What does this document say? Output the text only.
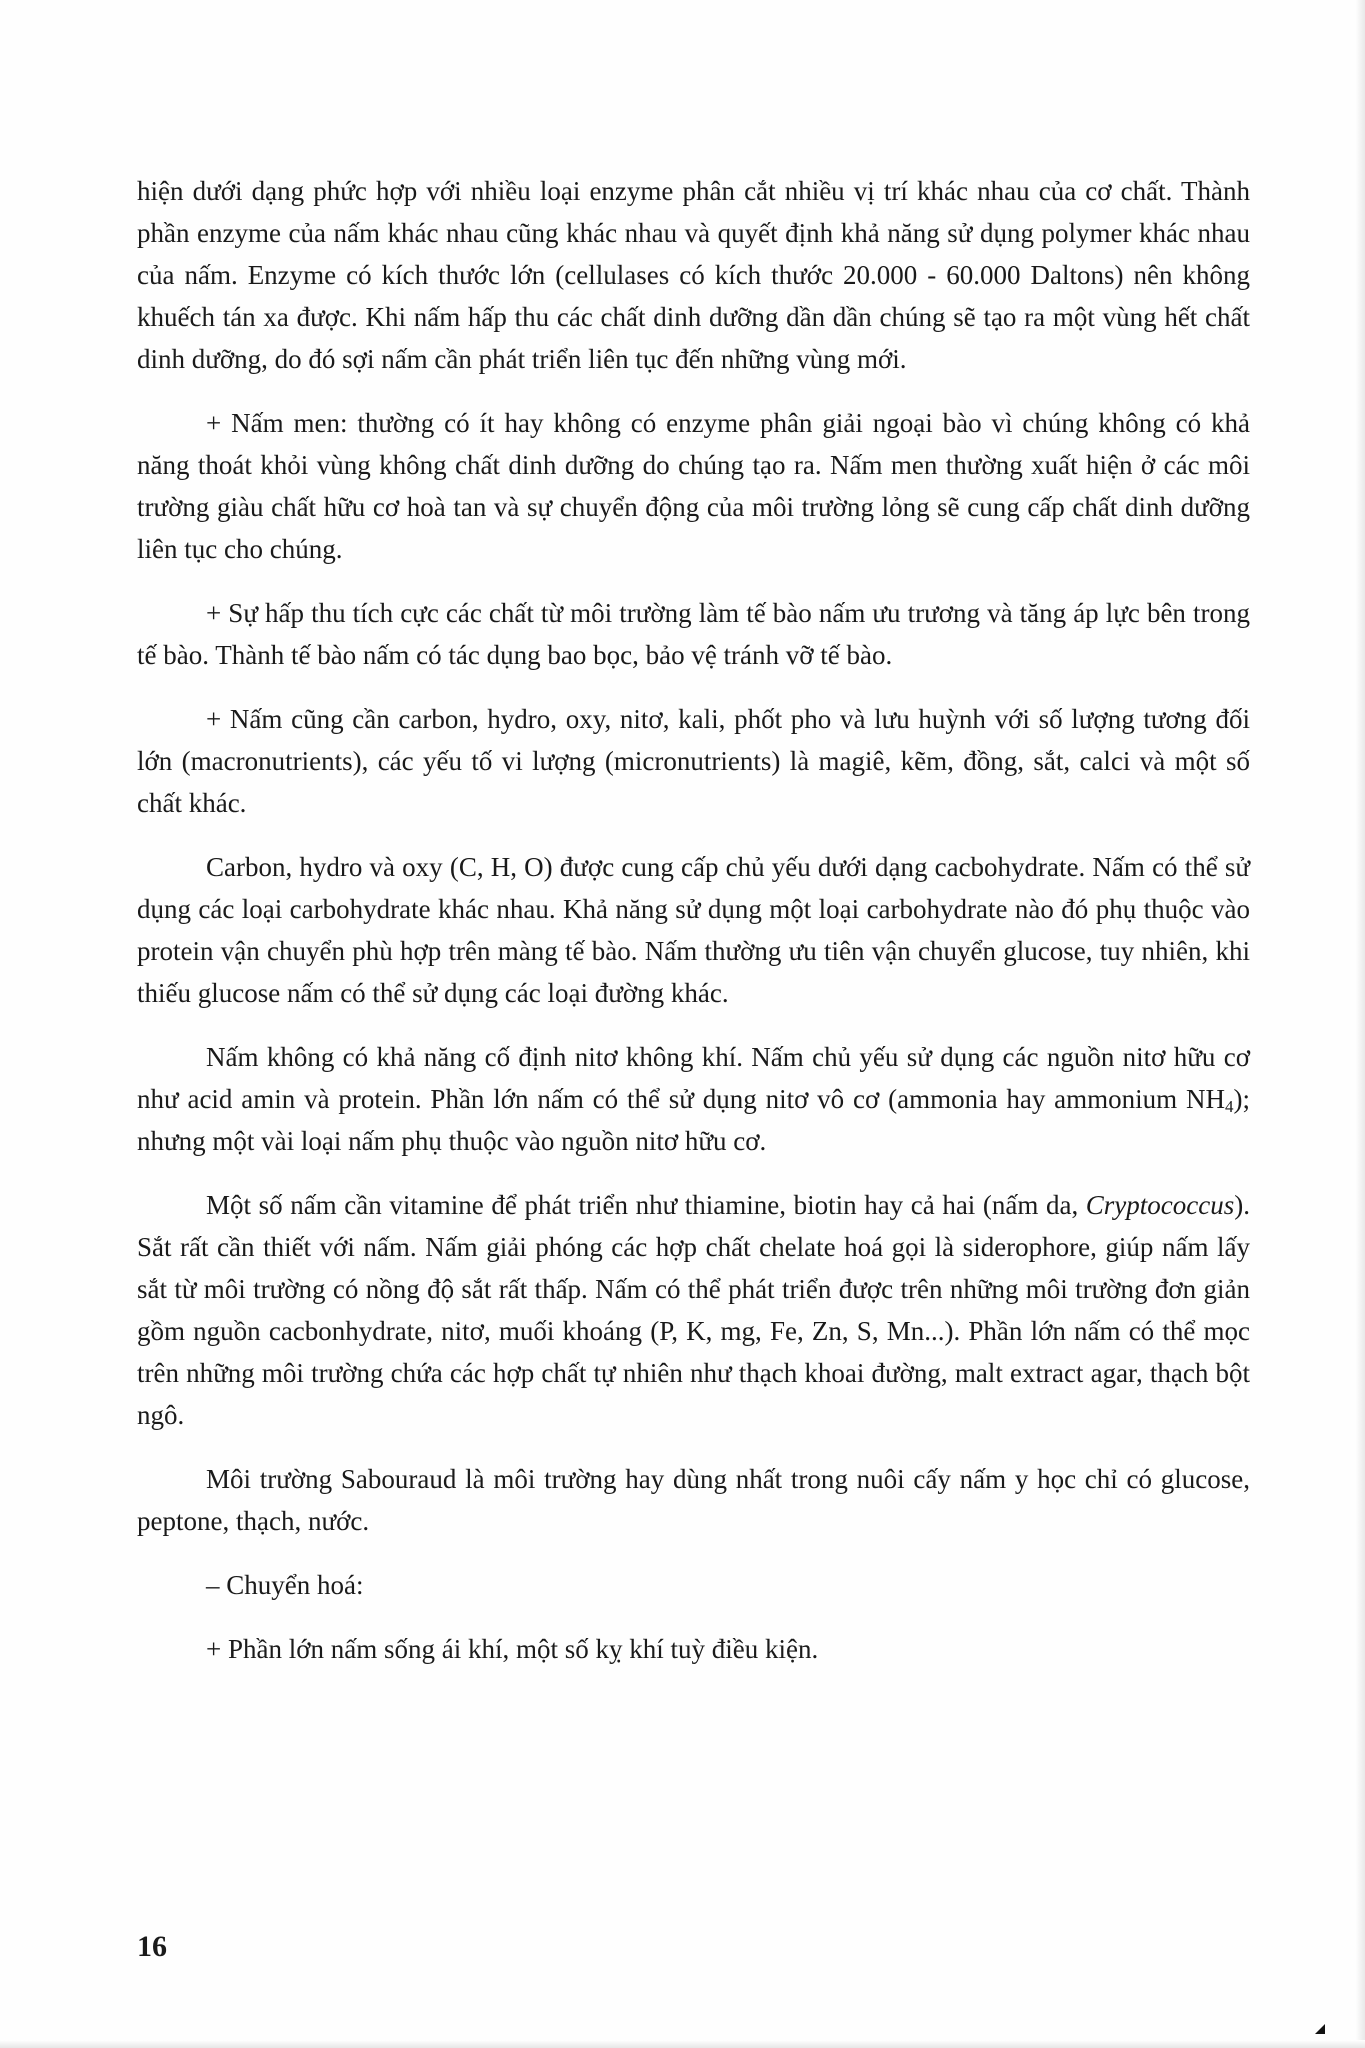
hiện dưới dạng phức hợp với nhiều loại enzyme phân cắt nhiều vị trí khác nhau của cơ chất. Thành phần enzyme của nấm khác nhau cũng khác nhau và quyết định khả năng sử dụng polymer khác nhau của nấm. Enzyme có kích thước lớn (cellulases có kích thước 20.000 - 60.000 Daltons) nên không khuếch tán xa được. Khi nấm hấp thu các chất dinh dưỡng dần dần chúng sẽ tạo ra một vùng hết chất dinh dưỡng, do đó sợi nấm cần phát triển liên tục đến những vùng mới.

+ Nấm men: thường có ít hay không có enzyme phân giải ngoại bào vì chúng không có khả năng thoát khỏi vùng không chất dinh dưỡng do chúng tạo ra. Nấm men thường xuất hiện ở các môi trường giàu chất hữu cơ hoà tan và sự chuyển động của môi trường lỏng sẽ cung cấp chất dinh dưỡng liên tục cho chúng.

+ Sự hấp thu tích cực các chất từ môi trường làm tế bào nấm ưu trương và tăng áp lực bên trong tế bào. Thành tế bào nấm có tác dụng bao bọc, bảo vệ tránh vỡ tế bào.

+ Nấm cũng cần carbon, hydro, oxy, nitơ, kali, phốt pho và lưu huỳnh với số lượng tương đối lớn (macronutrients), các yếu tố vi lượng (micronutrients) là magiê, kẽm, đồng, sắt, calci và một số chất khác.

Carbon, hydro và oxy (C, H, O) được cung cấp chủ yếu dưới dạng cacbohydrate. Nấm có thể sử dụng các loại carbohydrate khác nhau. Khả năng sử dụng một loại carbohydrate nào đó phụ thuộc vào protein vận chuyển phù hợp trên màng tế bào. Nấm thường ưu tiên vận chuyển glucose, tuy nhiên, khi thiếu glucose nấm có thể sử dụng các loại đường khác.

Nấm không có khả năng cố định nitơ không khí. Nấm chủ yếu sử dụng các nguồn nitơ hữu cơ như acid amin và protein. Phần lớn nấm có thể sử dụng nitơ vô cơ (ammonia hay ammonium $NH_4$); nhưng một vài loại nấm phụ thuộc vào nguồn nitơ hữu cơ.

Một số nấm cần vitamine để phát triển như thiamine, biotin hay cả hai (nấm da, Cryptococcus). Sắt rất cần thiết với nấm. Nấm giải phóng các hợp chất chelate hoá gọi là siderophore, giúp nấm lấy sắt từ môi trường có nồng độ sắt rất thấp. Nấm có thể phát triển được trên những môi trường đơn giản gồm nguồn cacbonhydrate, nitơ, muối khoáng (P, K, mg, Fe, Zn, S, Mn...). Phần lớn nấm có thể mọc trên những môi trường chứa các hợp chất tự nhiên như thạch khoai đường, malt extract agar, thạch bột ngô.

Môi trường Sabouraud là môi trường hay dùng nhất trong nuôi cấy nấm y học chỉ có glucose, peptone, thạch, nước.

– Chuyển hoá:

+ Phần lớn nấm sống ái khí, một số kỵ khí tuỳ điều kiện.

16
